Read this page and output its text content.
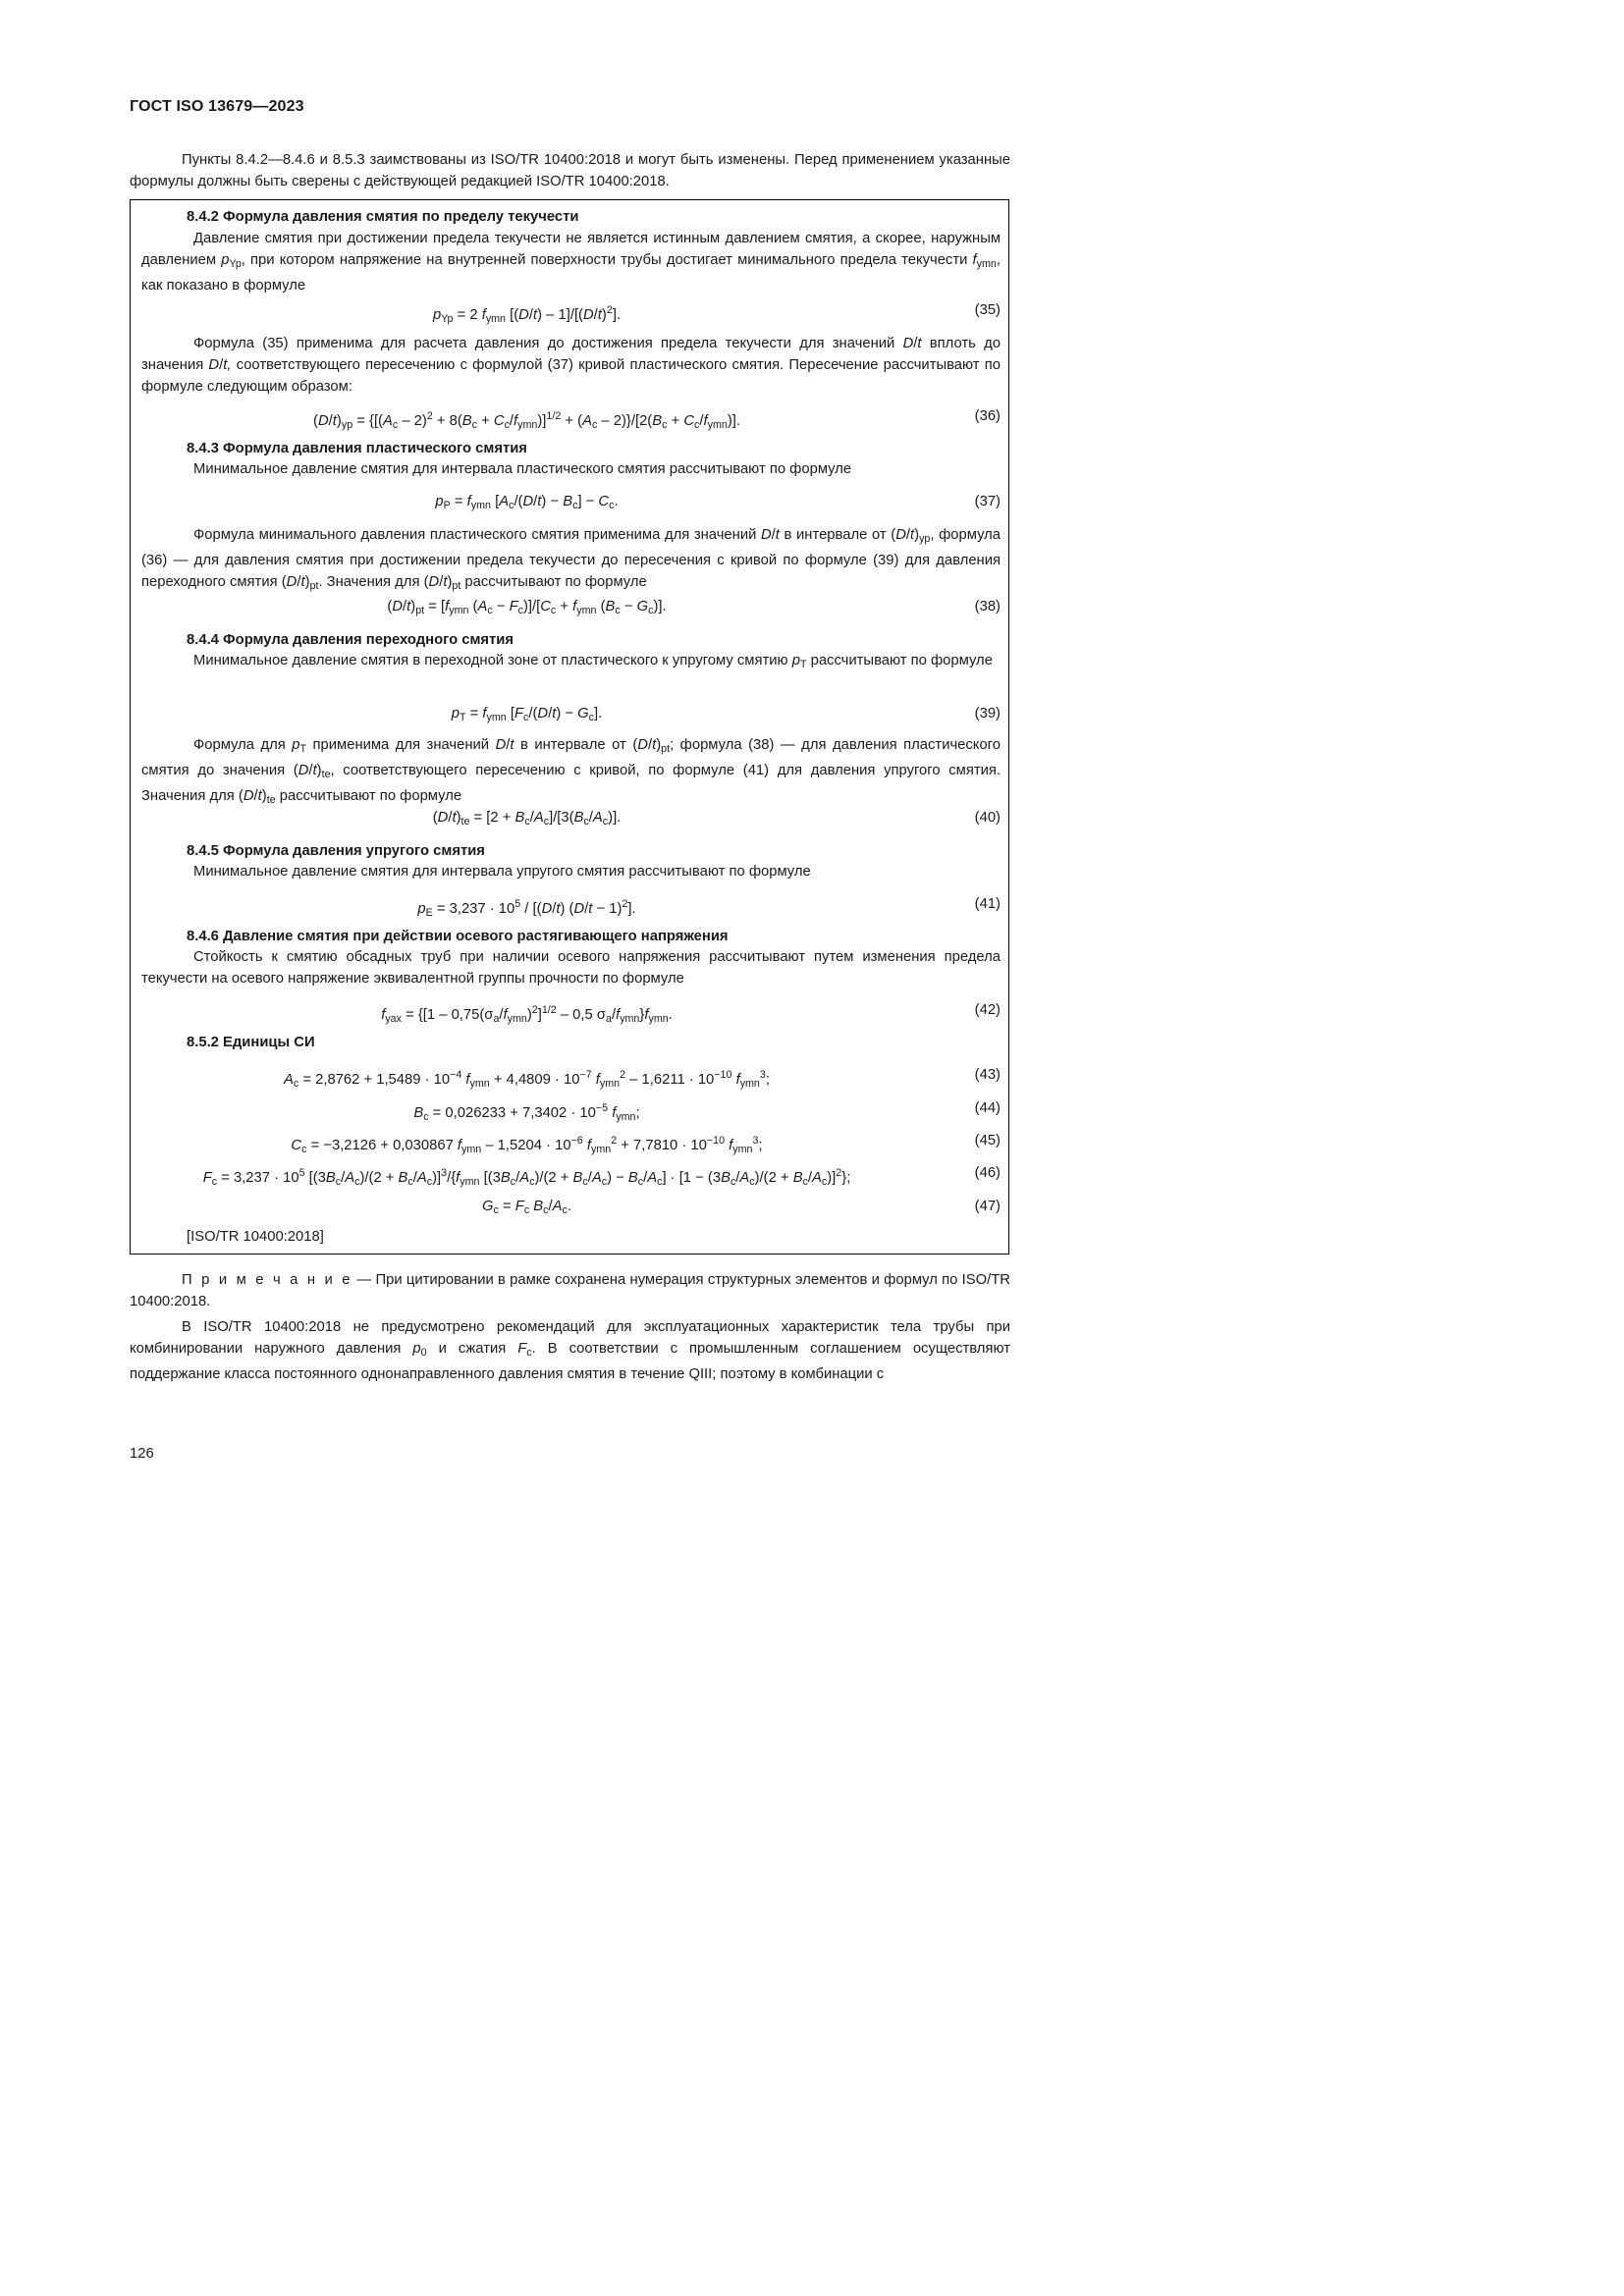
ГОСТ ISO 13679—2023

Пункты 8.4.2—8.4.6 и 8.5.3 заимствованы из ISO/TR 10400:2018 и могут быть изменены. Перед применением указанные формулы должны быть сверены с действующей редакцией ISO/TR 10400:2018.

8.4.2 Формула давления смятия по пределу текучести

Давление смятия при достижении предела текучести не является истинным давлением смятия, а скорее, наружным давлением $p_{Yp}$, при котором напряжение на внутренней поверхности трубы достигает минимального предела текучести $f_{ymn}$, как показано в формуле

$p_{Yp} = 2$ $f_{ymn}$ $[(D/t) - 1]/[(D/t)^2]$.	(35)

Формула (35) применима для расчета давления до достижения предела текучести для значений D/t вплоть до значения D/t, соответствующего пересечению с формулой (37) кривой пластического смятия. Пересечение рассчитывают по формуле следующим образом:

$(D/t)_{yp} = \{[(A_c - 2)^2 + 8(B_c + C_c/f_{ymn})]^{1/2} + (A_c - 2)\}/[2(B_c + C_c/f_{ymn})]$.	(36)
8.4.3 Формула давления пластического смятия

Минимальное давление смятия для интервала пластического смятия рассчитывают по формуле

$p_P = f_{ymn}$ $[A_c/(D/t) - B_c] - C_c$.	(37)

Формула минимального давления пластического смятия применима для значений D/t в интервале от $(D/t)_{yp}$, формула (36) — для давления смятия при достижении предела текучести до пересечения с кривой по формуле (39) для давления переходного смятия $(D/t)_{pt}$. Значения для $(D/t)_{pt}$ рассчитывают по формуле

$(D/t)_{pt} = [f_{ymn}$ $(A_c - F_c)]/[C_c + f_{ymn}$ $(B_c - G_c)$].	(38)
8.4.4 Формула давления переходного смятия

Минимальное давление смятия в переходной зоне от пластического к упругому смятию $p_T$ рассчитывают по формуле

$p_T = f_{ymn}$ $[F_c/(D/t) - G_c]$.	(39)

Формула для $p_T$ применима для значений D/t в интервале от $(D/t)_{pt}$; формула (38) — для давления пластического смятия до значения $(D/t)_{te}$, соответствующего пересечению с кривой, по формуле (41) для давления упругого смятия. Значения для $(D/t)_{te}$ рассчитывают по формуле

$(D/t)_{te} = [2 + B_c/A_c]/[3(B_c/A_c)]$.	(40)
8.4.5 Формула давления упругого смятия

Минимальное давление смятия для интервала упругого смятия рассчитывают по формуле

$p_E = 3,237 \cdot 10^5 / [(D/t) (D/t - 1)^2]$.	(41)
8.4.6 Давление смятия при действии осевого растягивающего напряжения

Стойкость к смятию обсадных труб при наличии осевого напряжения рассчитывают путем изменения предела текучести на осевого напряжение эквивалентной группы прочности по формуле

$f_{yax} = \{[1 - 0,75(\sigma_a/f_{ymn})^2]^{1/2} - 0,5$ $\sigma_a/f_{ymn}\}f_{ymn}$.	(42)
8.5.2 Единицы СИ
$A_c = 2,8762 + 1,5489 \cdot 10^{-4}$ $f_{ymn} + 4,4809 \cdot 10^{-7}$ $f_{ymn}^2 - 1,6211 \cdot 10^{-10}$ $f_{ymn}^3$;	(43)
$B_c = 0,026233 + 7,3402 \cdot 10^{-5}$ $f_{ymn}$;	(44)
$C_c = -3,2126 + 0,030867$ $f_{ymn} - 1,5204 \cdot 10^{-6}$ $f_{ymn}^2 + 7,7810 \cdot 10^{-10}$ $f_{ymn}^3$;	(45)
$F_c = 3,237 \cdot 10^5$ $[(3B_c/A_c)/(2 + B_c/A_c)]^3/\{f_{ymn}$ $[(3B_c/A_c)/(2 + B_c/A_c) - B_c/A_c] \cdot [1 - (3B_c/A_c)/(2 + B_c/A_c)]^2$};	(46)
$G_c = F_c$ $B_c/A_c$.	(47)
[ISO/TR 10400:2018]

П р и м е ч а н и е — При цитировании в рамке сохранена нумерация структурных элементов и формул по ISO/TR 10400:2018.

В ISO/TR 10400:2018 не предусмотрено рекомендаций для эксплуатационных характеристик тела трубы при комбинировании наружного давления $p_0$ и сжатия $F_c$. В соответствии с промышленным соглашением осуществляют поддержание класса постоянного однонаправленного давления смятия в течение QIII; поэтому в комбинации с

126
